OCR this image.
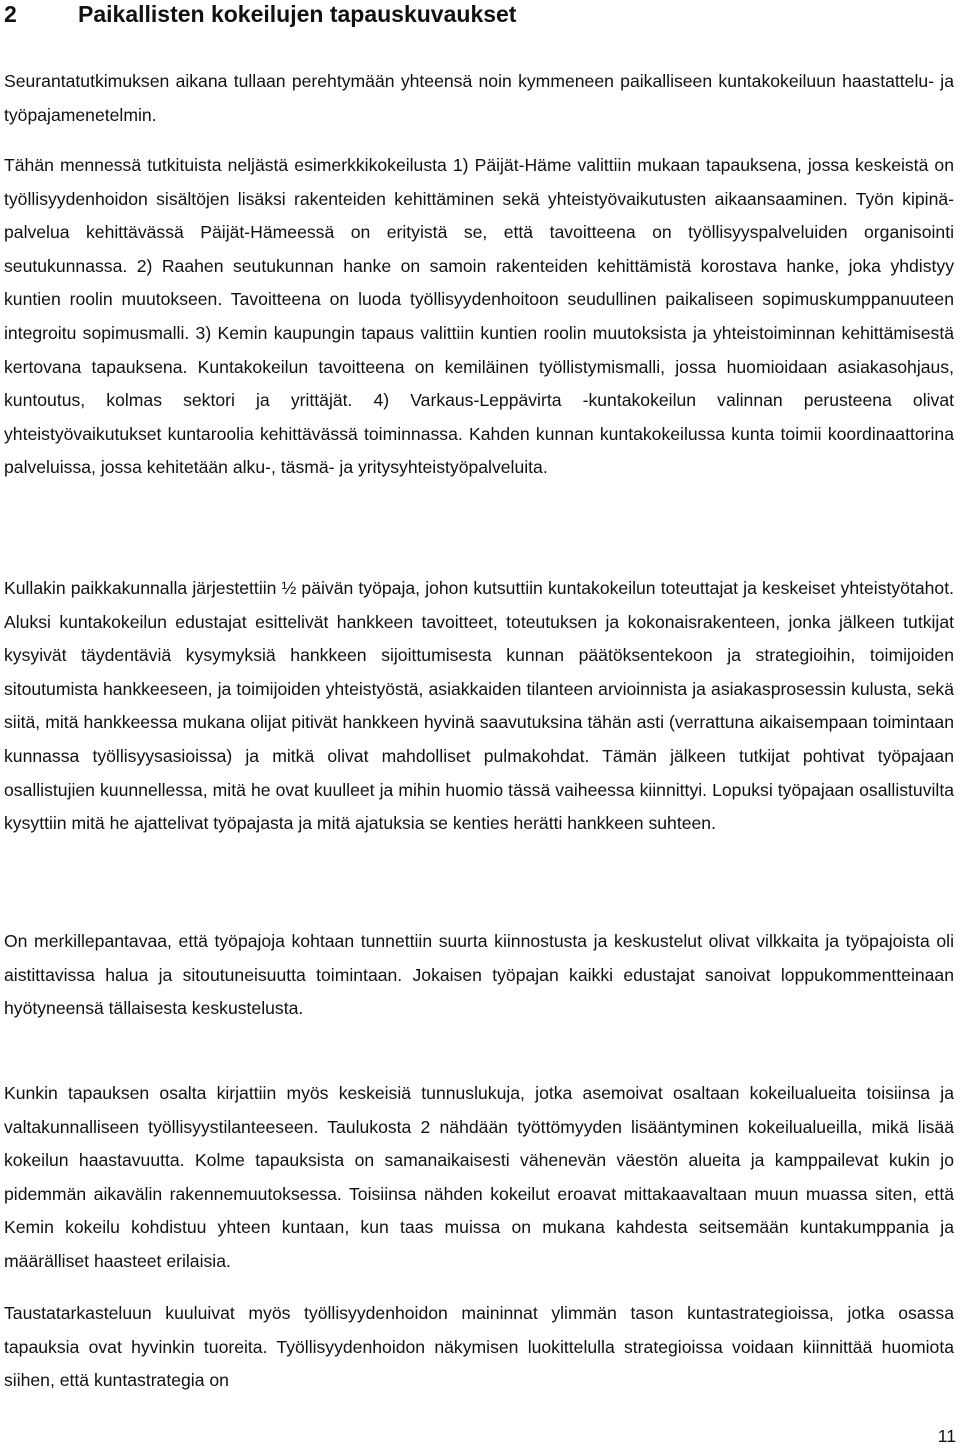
2	Paikallisten kokeilujen tapauskuvaukset

Seurantatutkimuksen aikana tullaan perehtymään yhteensä noin kymmeneen paikalliseen kuntakokeiluun haastattelu- ja työpajamenetelmin.

Tähän mennessä tutkituista neljästä esimerkkikokeilusta 1) Päijät-Häme valittiin mukaan tapauksena, jossa keskeistä on työllisyydenhoidon sisältöjen lisäksi rakenteiden kehittäminen sekä yhteistyövaikutusten aikaansaaminen. Työn kipinä-palvelua kehittävässä Päijät-Hämeessä on erityistä se, että tavoitteena on työllisyyspalveluiden organisointi seutukunnassa. 2) Raahen seutukunnan hanke on samoin rakenteiden kehittämistä korostava hanke, joka yhdistyy kuntien roolin muutokseen. Tavoitteena on luoda työllisyydenhoitoon seudullinen paikaliseen sopimuskumppanuuteen integroitu sopimusmalli. 3) Kemin kaupungin tapaus valittiin kuntien roolin muutoksista ja yhteistoiminnan kehittämisestä kertovana tapauksena. Kuntakokeilun tavoitteena on kemiläinen työllistymismalli, jossa huomioidaan asiakasohjaus, kuntoutus, kolmas sektori ja yrittäjät. 4) Varkaus-Leppävirta -kuntakokeilun valinnan perusteena olivat yhteistyövaikutukset kuntaroolia kehittävässä toiminnassa. Kahden kunnan kuntakokeilussa kunta toimii koordinaattorina palveluissa, jossa kehitetään alku-, täsmä- ja yritysyhteistyöpalveluita.

Kullakin paikkakunnalla järjestettiin ½ päivän työpaja, johon kutsuttiin kuntakokeilun toteuttajat ja keskeiset yhteistyötahot. Aluksi kuntakokeilun edustajat esittelivät hankkeen tavoitteet, toteutuksen ja kokonaisrakenteen, jonka jälkeen tutkijat kysyivät täydentäviä kysymyksiä hankkeen sijoittumisesta kunnan päätöksentekoon ja strategioihin, toimijoiden sitoutumista hankkeeseen, ja toimijoiden yhteistyöstä, asiakkaiden tilanteen arvioinnista ja asiakasprosessin kulusta, sekä siitä, mitä hankkeessa mukana olijat pitivät hankkeen hyvinä saavutuksina tähän asti (verrattuna aikaisempaan toimintaan kunnassa työllisyysasioissa) ja mitkä olivat mahdolliset pulmakohdat. Tämän jälkeen tutkijat pohtivat työpajaan osallistujien kuunnellessa, mitä he ovat kuulleet ja mihin huomio tässä vaiheessa kiinnittyi. Lopuksi työpajaan osallistuvilta kysyttiin mitä he ajattelivat työpajasta ja mitä ajatuksia se kenties herätti hankkeen suhteen.

On merkillepantavaa, että työpajoja kohtaan tunnettiin suurta kiinnostusta ja keskustelut olivat vilkkaita ja työpajoista oli aistittavissa halua ja sitoutuneisuutta toimintaan. Jokaisen työpajan kaikki edustajat sanoivat loppukommentteinaan hyötyneensä tällaisesta keskustelusta.

Kunkin tapauksen osalta kirjattiin myös keskeisiä tunnuslukuja, jotka asemoivat osaltaan kokeilualueita toisiinsa ja valtakunnalliseen työllisyystilanteeseen. Taulukosta 2 nähdään työttömyyden lisääntyminen kokeilualueilla, mikä lisää kokeilun haastavuutta. Kolme tapauksista on samanaikaisesti vähenevän väestön alueita ja kamppailevat kukin jo pidemmän aikavälin rakennemuutoksessa. Toisiinsa nähden kokeilut eroavat mittakaavaltaan muun muassa siten, että Kemin kokeilu kohdistuu yhteen kuntaan, kun taas muissa on mukana kahdesta seitsemään kuntakumppania ja määrälliset haasteet erilaisia.

Taustatarkasteluun kuuluivat myös työllisyydenhoidon maininnat ylimmän tason kuntastrategioissa, jotka osassa tapauksia ovat hyvinkin tuoreita. Työllisyydenhoidon näkymisen luokittelulla strategioissa voidaan kiinnittää huomiota siihen, että kuntastrategia on

11
